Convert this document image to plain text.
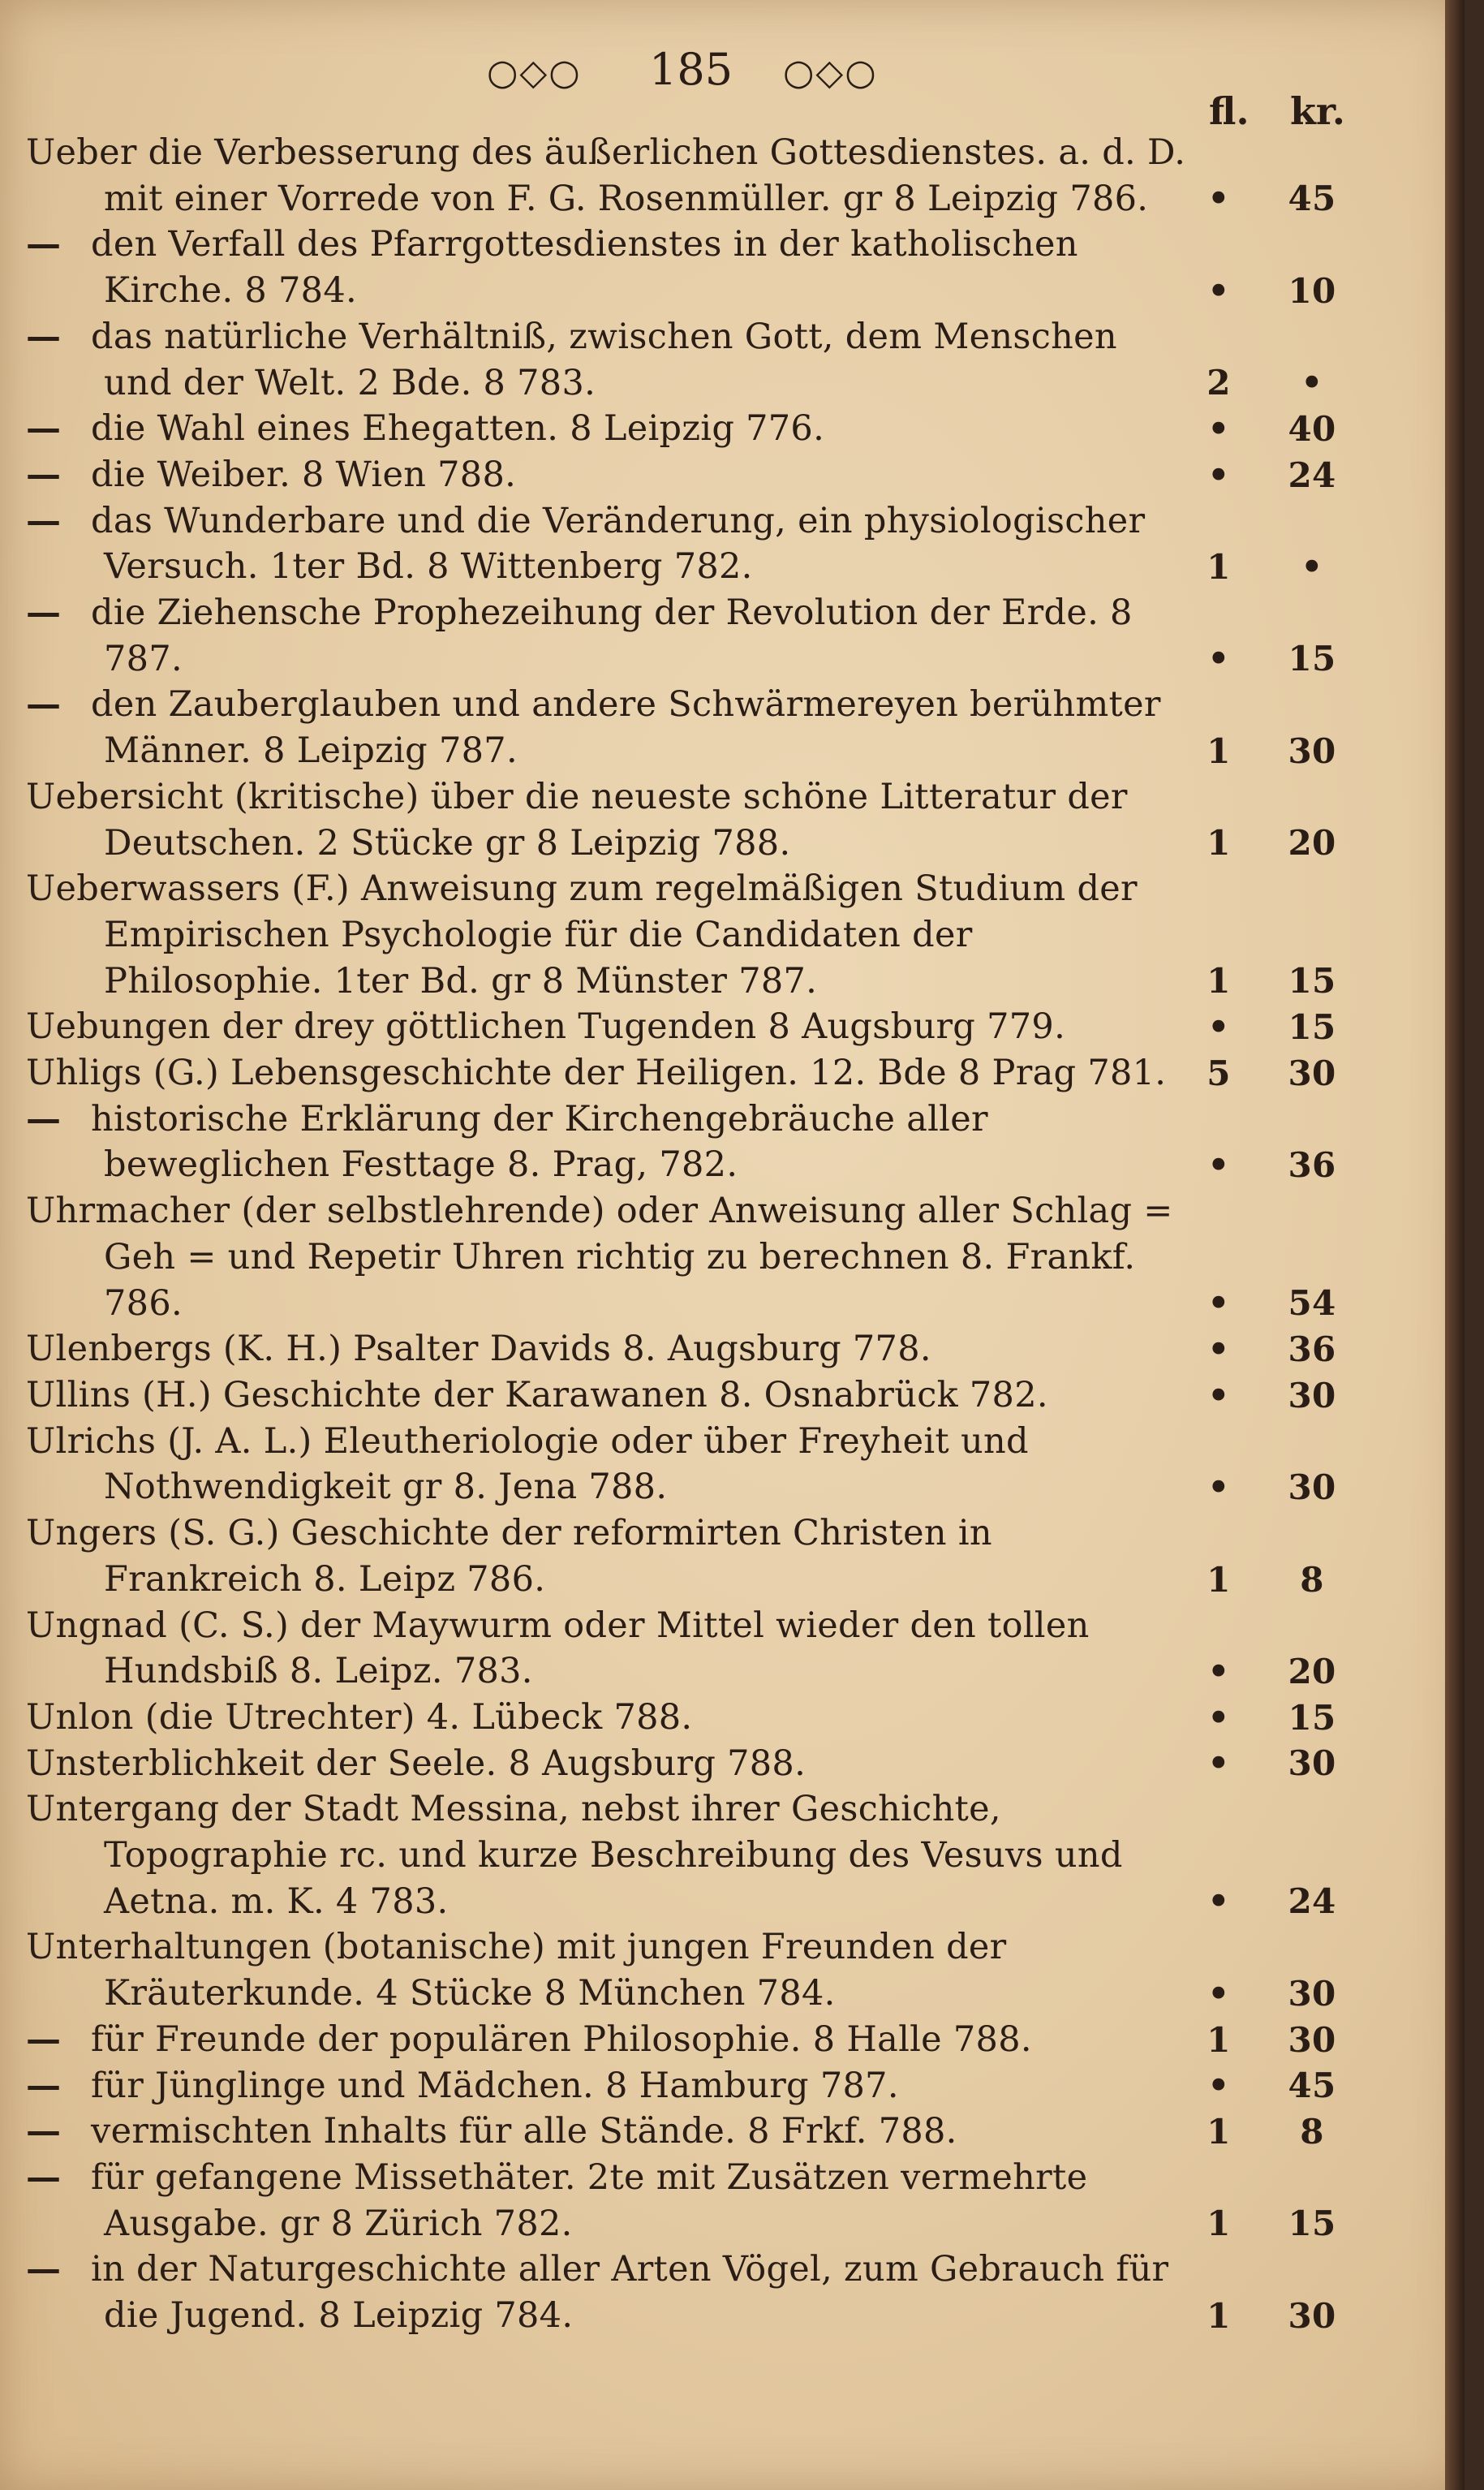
○◇○ 185 ○◇○
fl. kr.
Ueber die Verbesserung des äußerlichen Gottesdienstes. a. d. D. mit einer Vorrede von F. G. Rosenmüller. gr 8 Leipzig 786.	•	45
— den Verfall des Pfarrgottesdienstes in der katholischen Kirche. 8 784.	•	10
— das natürliche Verhältniß, zwischen Gott, dem Menschen und der Welt. 2 Bde. 8 783.	2	•
— die Wahl eines Ehegatten. 8 Leipzig 776.	•	40
— die Weiber. 8 Wien 788.	•	24
— das Wunderbare und die Veränderung, ein physiologischer Versuch. 1ter Bd. 8 Wittenberg 782.	1	•
— die Ziehensche Prophezeihung der Revolution der Erde. 8 787.	•	15
— den Zauberglauben und andere Schwärmereyen berühmter Männer. 8 Leipzig 787.	1	30
Uebersicht (kritische) über die neueste schöne Litteratur der Deutschen. 2 Stücke gr 8 Leipzig 788.	1	20
Ueberwassers (F.) Anweisung zum regelmäßigen Studium der Empirischen Psychologie für die Candidaten der Philosophie. 1ter Bd. gr 8 Münster 787.	1	15
Uebungen der drey göttlichen Tugenden 8 Augsburg 779.	•	15
Uhligs (G.) Lebensgeschichte der Heiligen. 12. Bde 8 Prag 781.	5	30
— historische Erklärung der Kirchengebräuche aller beweglichen Festtage 8. Prag, 782.	•	36
Uhrmacher (der selbstlehrende) oder Anweisung aller Schlag = Geh = und Repetir Uhren richtig zu berechnen 8. Frankf. 786.	•	54
Ulenbergs (K. H.) Psalter Davids 8. Augsburg 778.	•	36
Ullins (H.) Geschichte der Karawanen 8. Osnabrück 782.	•	30
Ulrichs (J. A. L.) Eleutheriologie oder über Freyheit und Nothwendigkeit gr 8. Jena 788.	•	30
Ungers (S. G.) Geschichte der reformirten Christen in Frankreich 8. Leipz 786.	1	8
Ungnad (C. S.) der Maywurm oder Mittel wieder den tollen Hundsbiß 8. Leipz. 783.	•	20
Unlon (die Utrechter) 4. Lübeck 788.	•	15
Unsterblichkeit der Seele. 8 Augsburg 788.	•	30
Untergang der Stadt Messina, nebst ihrer Geschichte, Topographie rc. und kurze Beschreibung des Vesuvs und Aetna. m. K. 4 783.	•	24
Unterhaltungen (botanische) mit jungen Freunden der Kräuterkunde. 4 Stücke 8 München 784.	•	30
— für Freunde der populären Philosophie. 8 Halle 788.	1	30
— für Jünglinge und Mädchen. 8 Hamburg 787.	•	45
— vermischten Inhalts für alle Stände. 8 Frkf. 788.	1	8
— für gefangene Missethäter. 2te mit Zusätzen vermehrte Ausgabe. gr 8 Zürich 782.	1	15
— in der Naturgeschichte aller Arten Vögel, zum Gebrauch für die Jugend. 8 Leipzig 784.	1	30
